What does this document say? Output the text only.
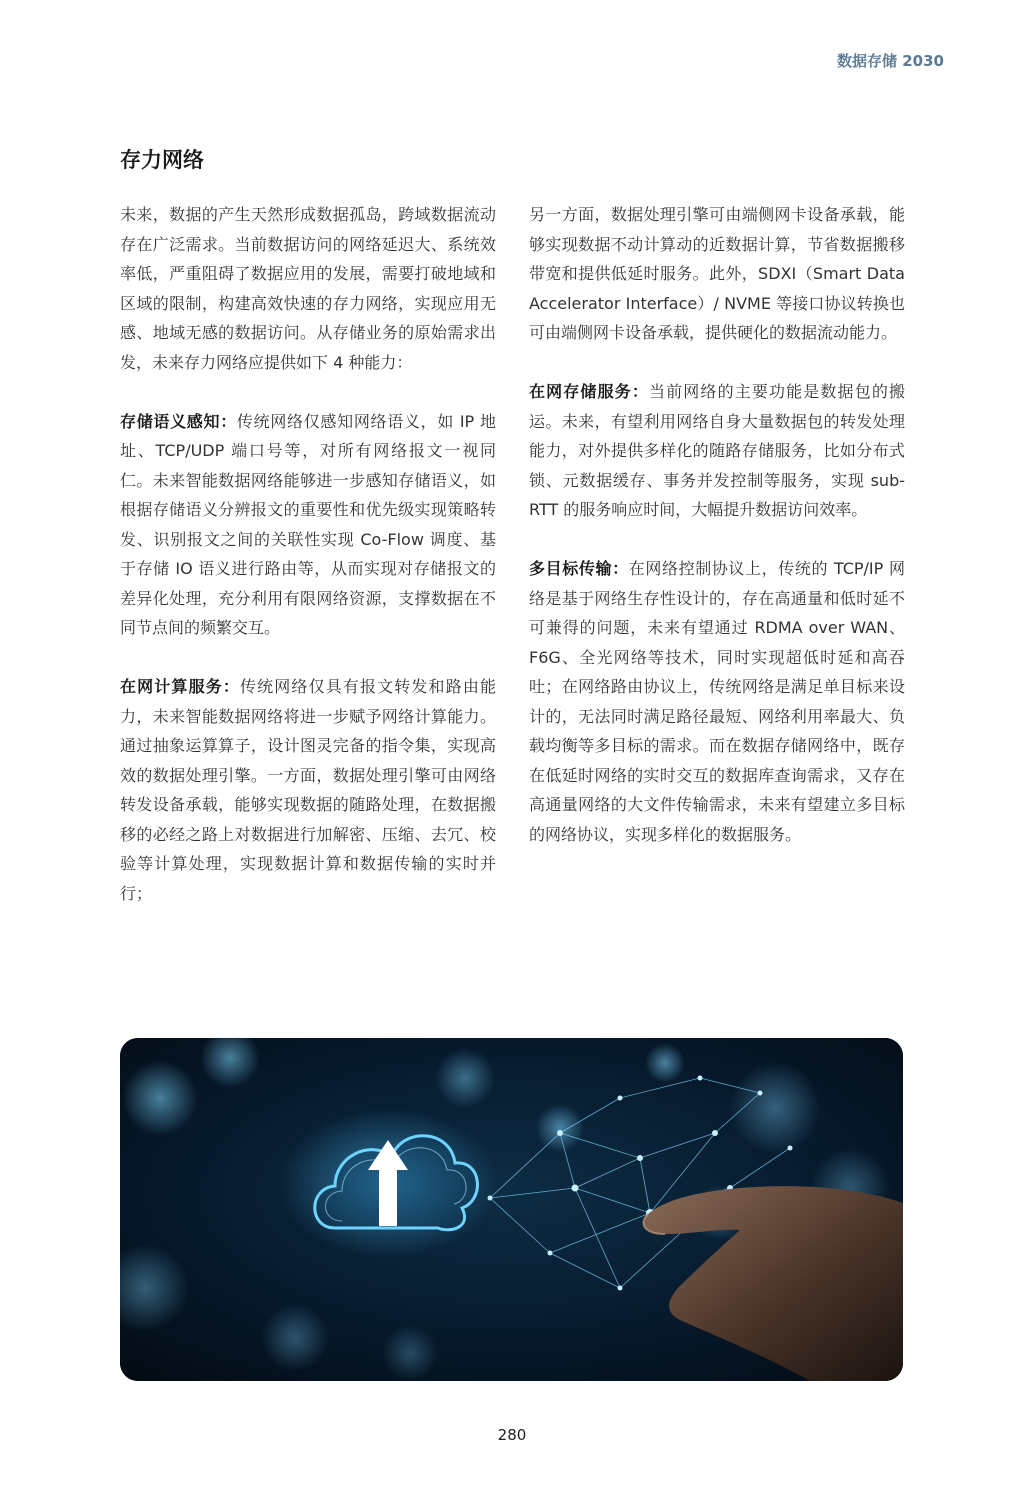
数据存储 2030
存力网络

未来，数据的产生天然形成数据孤岛，跨域数据流动存在广泛需求。当前数据访问的网络延迟大、系统效率低，严重阻碍了数据应用的发展，需要打破地域和区域的限制，构建高效快速的存力网络，实现应用无感、地域无感的数据访问。从存储业务的原始需求出发，未来存力网络应提供如下 4 种能力：

存储语义感知：传统网络仅感知网络语义，如 IP 地址、TCP/UDP 端口号等，对所有网络报文一视同仁。未来智能数据网络能够进一步感知存储语义，如根据存储语义分辨报文的重要性和优先级实现策略转发、识别报文之间的关联性实现 Co-Flow 调度、基于存储 IO 语义进行路由等，从而实现对存储报文的差异化处理，充分利用有限网络资源，支撑数据在不同节点间的频繁交互。

在网计算服务：传统网络仅具有报文转发和路由能力，未来智能数据网络将进一步赋予网络计算能力。通过抽象运算算子，设计图灵完备的指令集，实现高效的数据处理引擎。一方面，数据处理引擎可由网络转发设备承载，能够实现数据的随路处理，在数据搬移的必经之路上对数据进行加解密、压缩、去冗、校验等计算处理，实现数据计算和数据传输的实时并行；

另一方面，数据处理引擎可由端侧网卡设备承载，能够实现数据不动计算动的近数据计算，节省数据搬移带宽和提供低延时服务。此外，SDXI（Smart Data Accelerator Interface）/ NVME 等接口协议转换也可由端侧网卡设备承载，提供硬化的数据流动能力。

在网存储服务：当前网络的主要功能是数据包的搬运。未来，有望利用网络自身大量数据包的转发处理能力，对外提供多样化的随路存储服务，比如分布式锁、元数据缓存、事务并发控制等服务，实现 sub-RTT 的服务响应时间，大幅提升数据访问效率。

多目标传输：在网络控制协议上，传统的 TCP/IP 网络是基于网络生存性设计的，存在高通量和低时延不可兼得的问题，未来有望通过 RDMA over WAN、F6G、全光网络等技术，同时实现超低时延和高吞吐；在网络路由协议上，传统网络是满足单目标来设计的，无法同时满足路径最短、网络利用率最大、负载均衡等多目标的需求。而在数据存储网络中，既存在低延时网络的实时交互的数据库查询需求，又存在高通量网络的大文件传输需求，未来有望建立多目标的网络协议，实现多样化的数据服务。

280
